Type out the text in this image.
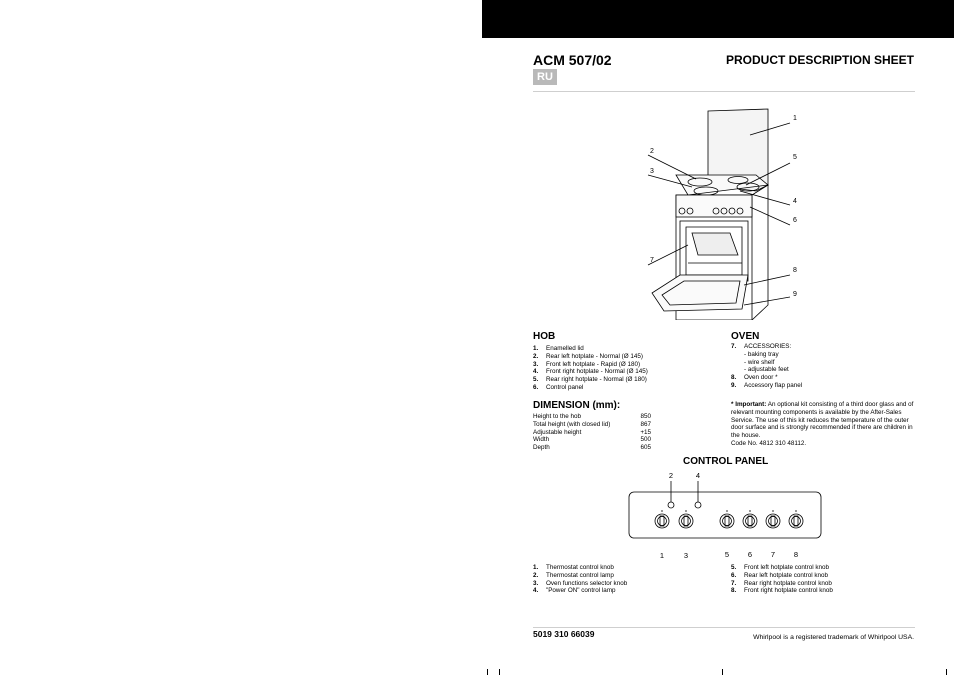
ACM 507/02	PRODUCT DESCRIPTION SHEET
RU
1
2
3
4
5
6
7
8
9
HOB
1. Enamelled lid
2. Rear left hotplate - Normal (Ø 145)
3. Front left hotplate - Rapid (Ø 180)
4. Front right hotplate - Normal (Ø 145)
5. Rear right hotplate - Normal (Ø 180)
6. Control panel
OVEN
7. ACCESSORIES:
- baking tray
- wire shelf
- adjustable feet
8. Oven door *
9. Accessory flap panel
DIMENSION (mm):
Height to the hob	850
Total height (with closed lid)	867
Adjustable height	+15
Width	500
Depth	605
* Important: An optional kit consisting of a third door glass and of relevant mounting components is available by the After-Sales Service. The use of this kit reduces the temperature of the outer door surface and is strongly recommended if there are children in the house.
Code No. 4812 310 48112.
CONTROL PANEL
2	4
1	3	5	6	7	8
1. Thermostat control knob
2. Thermostat control lamp
3. Oven functions selector knob
4. "Power ON" control lamp
5. Front left hotplate control knob
6. Rear left hotplate control knob
7. Rear right hotplate control knob
8. Front right hotplate control knob
5019 310 66039	Whirlpool is a registered trademark of Whirlpool USA.
